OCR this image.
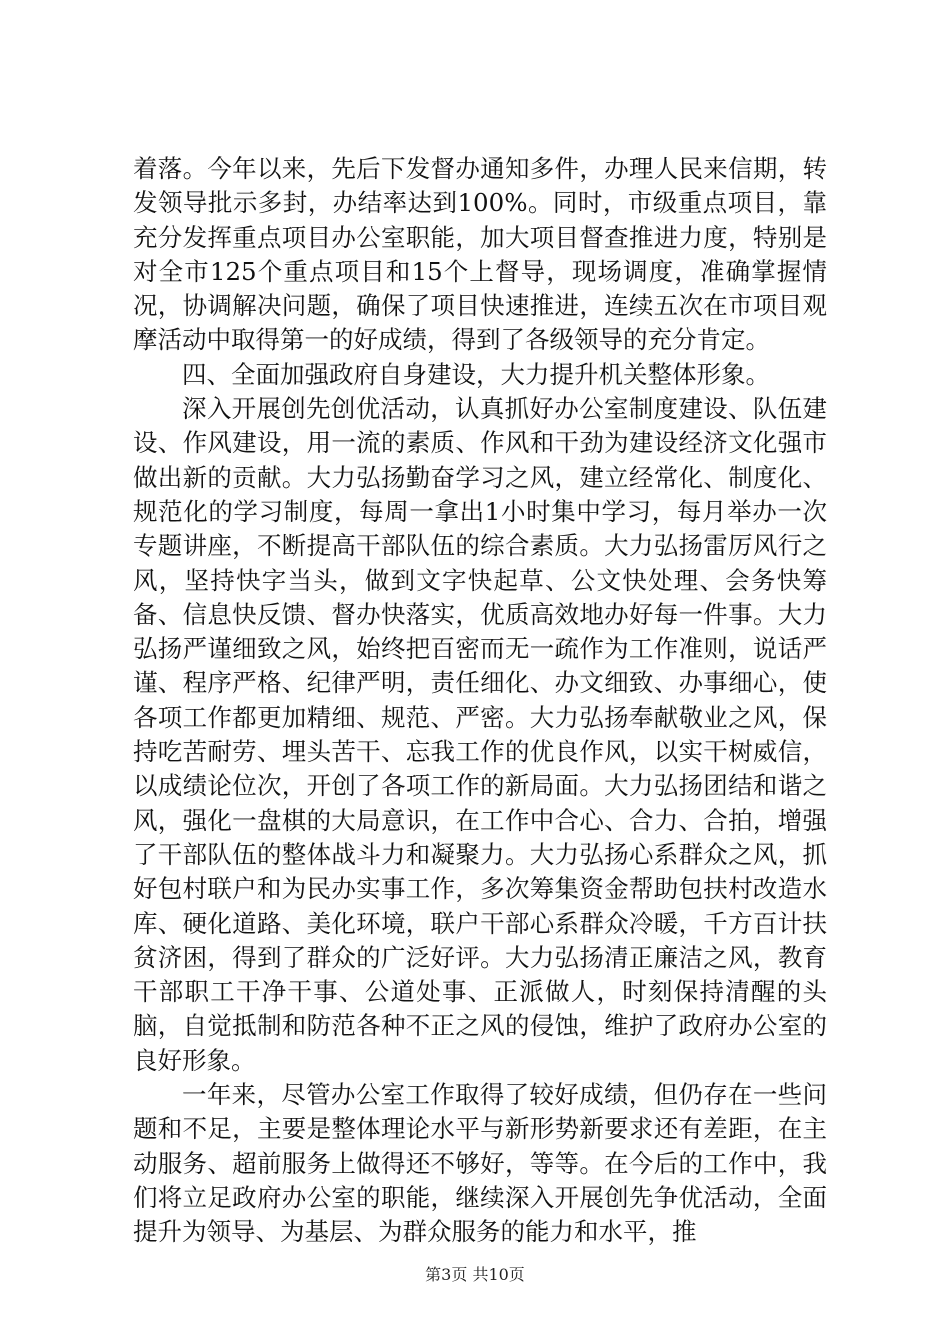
着落。今年以来，先后下发督办通知多件，办理人民来信期，转发领导批示多封，办结率达到100%。同时，市级重点项目，靠充分发挥重点项目办公室职能，加大项目督查推进力度，特别是对全市125个重点项目和15个上督导，现场调度，准确掌握情况，协调解决问题，确保了项目快速推进，连续五次在市项目观摩活动中取得第一的好成绩，得到了各级领导的充分肯定。

四、全面加强政府自身建设，大力提升机关整体形象。

深入开展创先创优活动，认真抓好办公室制度建设、队伍建设、作风建设，用一流的素质、作风和干劲为建设经济文化强市做出新的贡献。大力弘扬勤奋学习之风，建立经常化、制度化、规范化的学习制度，每周一拿出1小时集中学习，每月举办一次专题讲座，不断提高干部队伍的综合素质。大力弘扬雷厉风行之风，坚持快字当头，做到文字快起草、公文快处理、会务快筹备、信息快反馈、督办快落实，优质高效地办好每一件事。大力弘扬严谨细致之风，始终把百密而无一疏作为工作准则，说话严谨、程序严格、纪律严明，责任细化、办文细致、办事细心，使各项工作都更加精细、规范、严密。大力弘扬奉献敬业之风，保持吃苦耐劳、埋头苦干、忘我工作的优良作风，以实干树威信，以成绩论位次，开创了各项工作的新局面。大力弘扬团结和谐之风，强化一盘棋的大局意识，在工作中合心、合力、合拍，增强了干部队伍的整体战斗力和凝聚力。大力弘扬心系群众之风，抓好包村联户和为民办实事工作，多次筹集资金帮助包扶村改造水库、硬化道路、美化环境，联户干部心系群众冷暖，千方百计扶贫济困，得到了群众的广泛好评。大力弘扬清正廉洁之风，教育干部职工干净干事、公道处事、正派做人，时刻保持清醒的头脑，自觉抵制和防范各种不正之风的侵蚀，维护了政府办公室的良好形象。

一年来，尽管办公室工作取得了较好成绩，但仍存在一些问题和不足，主要是整体理论水平与新形势新要求还有差距，在主动服务、超前服务上做得还不够好，等等。在今后的工作中，我们将立足政府办公室的职能，继续深入开展创先争优活动，全面提升为领导、为基层、为群众服务的能力和水平，推

第3页 共10页
